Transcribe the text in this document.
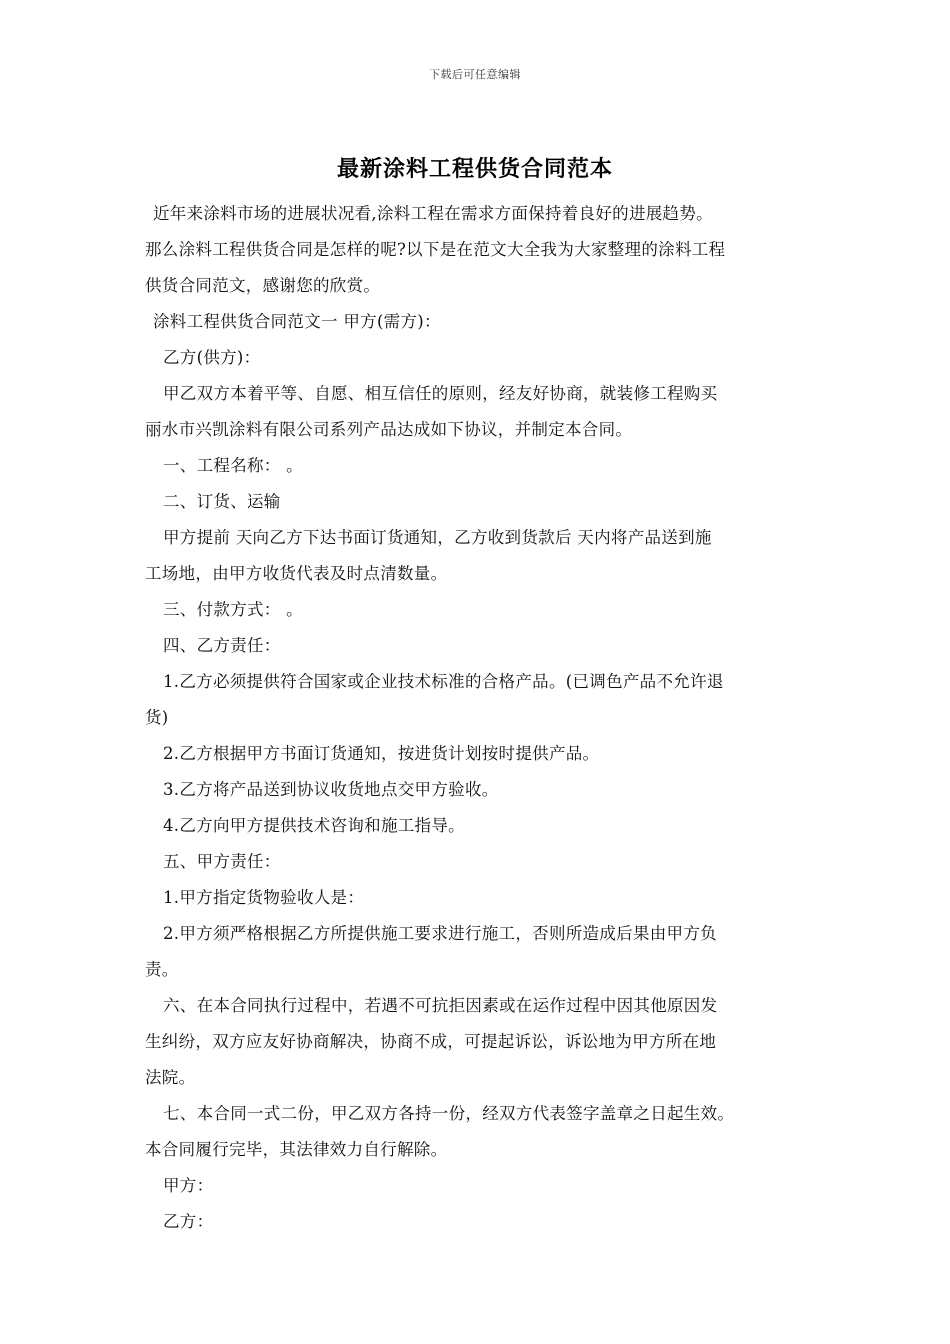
下载后可任意编辑
最新涂料工程供货合同范本
近年来涂料市场的进展状况看,涂料工程在需求方面保持着良好的进展趋势。
那么涂料工程供货合同是怎样的呢?以下是在范文大全我为大家整理的涂料工程
供货合同范文，感谢您的欣赏。
涂料工程供货合同范文一 甲方(需方)：
乙方(供方)：
甲乙双方本着平等、自愿、相互信任的原则，经友好协商，就装修工程购买
丽水市兴凯涂料有限公司系列产品达成如下协议，并制定本合同。
一、工程名称： 。
二、订货、运输
甲方提前 天向乙方下达书面订货通知，乙方收到货款后 天内将产品送到施
工场地，由甲方收货代表及时点清数量。
三、付款方式： 。
四、乙方责任：
1.乙方必须提供符合国家或企业技术标准的合格产品。(已调色产品不允许退
货)
2.乙方根据甲方书面订货通知，按进货计划按时提供产品。
3.乙方将产品送到协议收货地点交甲方验收。
4.乙方向甲方提供技术咨询和施工指导。
五、甲方责任：
1.甲方指定货物验收人是：
2.甲方须严格根据乙方所提供施工要求进行施工，否则所造成后果由甲方负
责。
六、在本合同执行过程中，若遇不可抗拒因素或在运作过程中因其他原因发
生纠纷，双方应友好协商解决，协商不成，可提起诉讼，诉讼地为甲方所在地
法院。
七、本合同一式二份，甲乙双方各持一份，经双方代表签字盖章之日起生效。
本合同履行完毕，其法律效力自行解除。
甲方：
乙方：
